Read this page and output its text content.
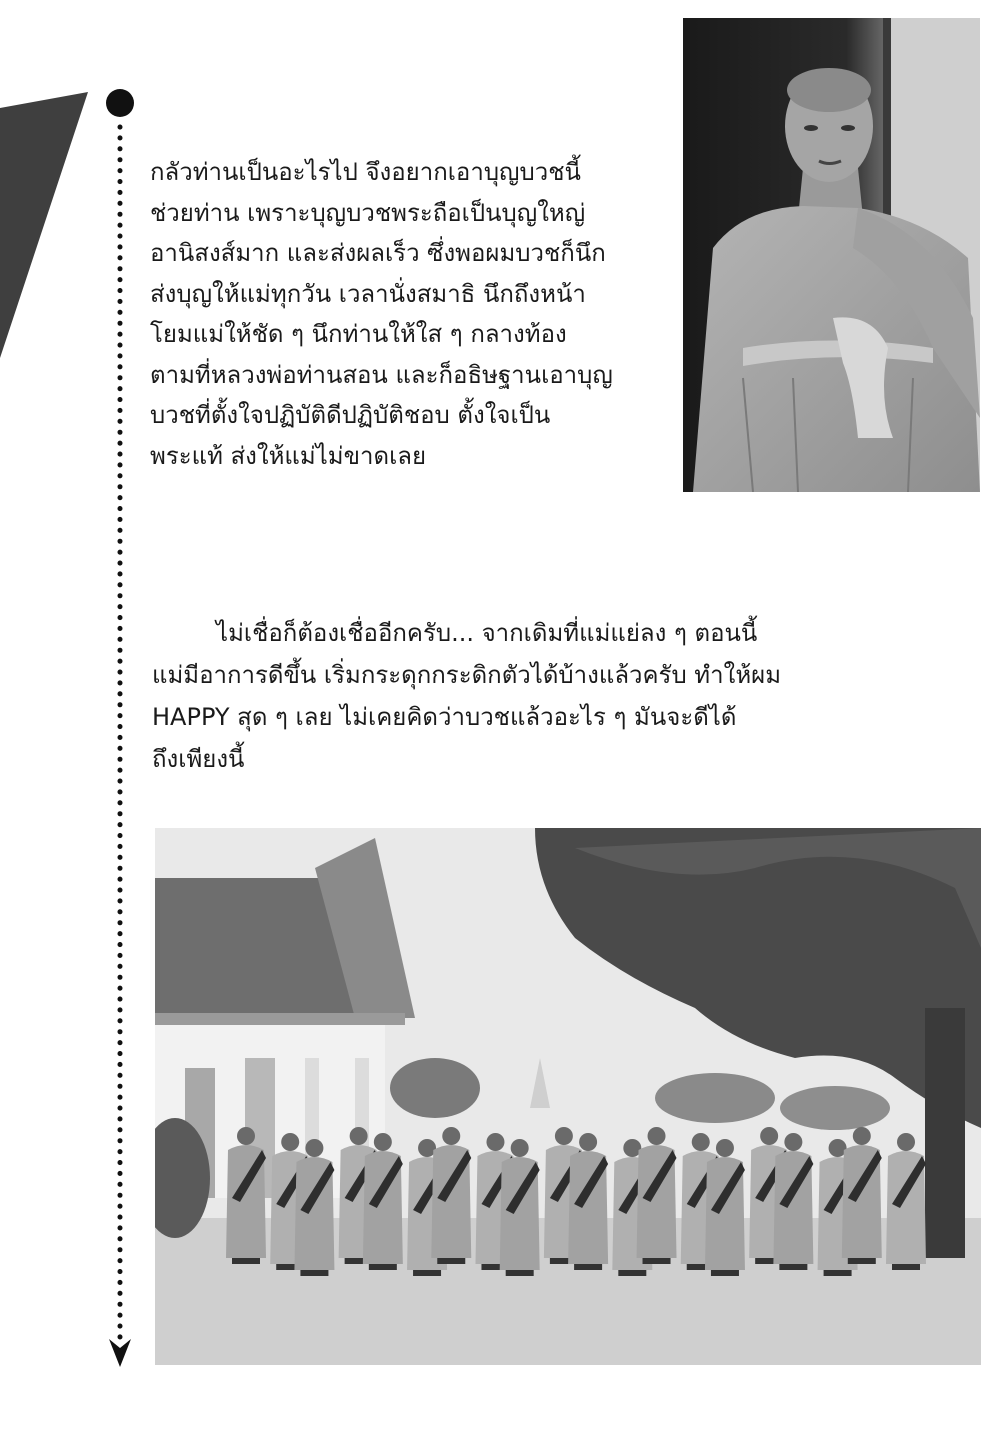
กลัวท่านเป็นอะไรไป จึงอยากเอาบุญบวชนี้
ช่วยท่าน เพราะบุญบวชพระถือเป็นบุญใหญ่
อานิสงส์มาก และส่งผลเร็ว ซึ่งพอผมบวชก็นึก
ส่งบุญให้แม่ทุกวัน เวลานั่งสมาธิ นึกถึงหน้า
โยมแม่ให้ชัด ๆ นึกท่านให้ใส ๆ กลางท้อง
ตามที่หลวงพ่อท่านสอน และก็อธิษฐานเอาบุญ
บวชที่ตั้งใจปฏิบัติดีปฏิบัติชอบ ตั้งใจเป็น
พระแท้ ส่งให้แม่ไม่ขาดเลย
ไม่เชื่อก็ต้องเชื่ออีกครับ... จากเดิมที่แม่แย่ลง ๆ ตอนนี้
แม่มีอาการดีขึ้น เริ่มกระดุกกระดิกตัวได้บ้างแล้วครับ ทำให้ผม
HAPPY สุด ๆ เลย ไม่เคยคิดว่าบวชแล้วอะไร ๆ มันจะดีได้
ถึงเพียงนี้
